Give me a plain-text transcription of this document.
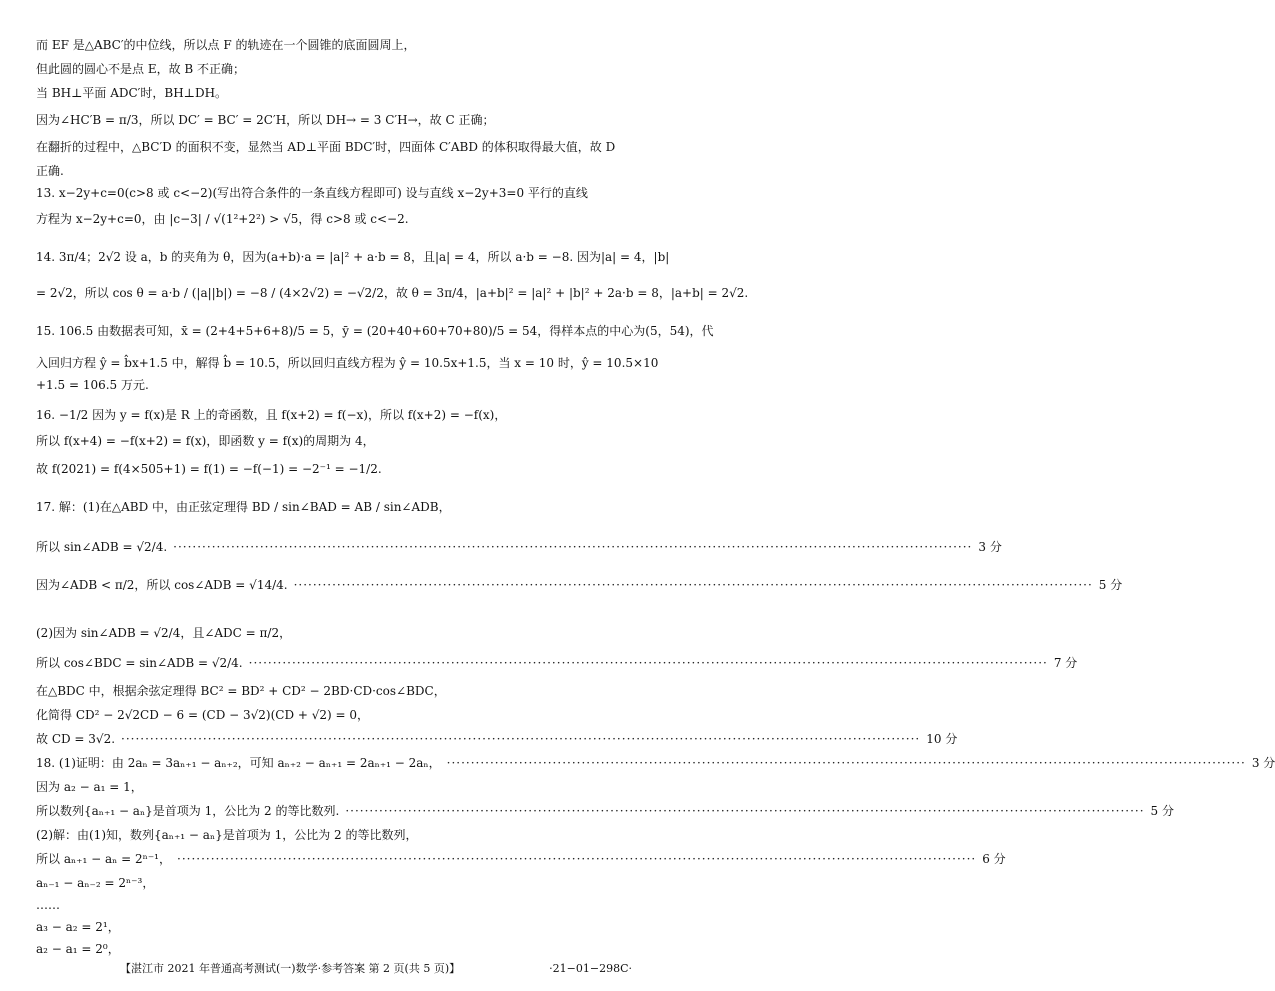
而 EF 是△ABC′的中位线，所以点 F 的轨迹在一个圆锥的底面圆周上，
但此圆的圆心不是点 E，故 B 不正确；
当 BH⊥平面 ADC′时，BH⊥DH。
因为∠HC′B = π/3，所以 DC′ = BC′ = 2C′H，所以 DH→ = 3 C′H→，故 C 正确；
在翻折的过程中，△BC′D 的面积不变，显然当 AD⊥平面 BDC′时，四面体 C′ABD 的体积取得最大值，故 D
正确.
13. x−2y+c=0(c>8 或 c<−2)(写出符合条件的一条直线方程即可) 设与直线 x−2y+3=0 平行的直线
方程为 x−2y+c=0，由 |c−3| / √(1²+2²) > √5，得 c>8 或 c<−2.
14. 3π/4；2√2 设 a，b 的夹角为 θ，因为(a+b)·a = |a|² + a·b = 8，且|a| = 4，所以 a·b = −8. 因为|a| = 4，|b|
= 2√2，所以 cos θ = a·b / (|a||b|) = −8 / (4×2√2) = −√2/2，故 θ = 3π/4，|a+b|² = |a|² + |b|² + 2a·b = 8，|a+b| = 2√2.
15. 106.5 由数据表可知，x̄ = (2+4+5+6+8)/5 = 5，ȳ = (20+40+60+70+80)/5 = 54，得样本点的中心为(5，54)，代
入回归方程 ŷ = b̂x+1.5 中，解得 b̂ = 10.5，所以回归直线方程为 ŷ = 10.5x+1.5，当 x = 10 时，ŷ = 10.5×10
+1.5 = 106.5 万元.
16. −1/2 因为 y = f(x)是 R 上的奇函数，且 f(x+2) = f(−x)，所以 f(x+2) = −f(x)，
所以 f(x+4) = −f(x+2) = f(x)，即函数 y = f(x)的周期为 4，
故 f(2021) = f(4×505+1) = f(1) = −f(−1) = −2⁻¹ = −1/2.
17. 解：(1)在△ABD 中，由正弦定理得 BD / sin∠BAD = AB / sin∠ADB，
(2)因为 sin∠ADB = √2/4，且∠ADC = π/2，
在△BDC 中，根据余弦定理得 BC² = BD² + CD² − 2BD·CD·cos∠BDC，
化简得 CD² − 2√2CD − 6 = (CD − 3√2)(CD + √2) = 0，
因为 a₂ − a₁ = 1，
aₙ₋₁ − aₙ₋₂ = 2ⁿ⁻³，
……
a₃ − a₂ = 2¹，
a₂ − a₁ = 2⁰，
所以 sin∠ADB = √2/4. ·····	3 分
因为∠ADB < π/2，所以 cos∠ADB = √14/4. ·····	5 分
所以 cos∠BDC = sin∠ADB = √2/4. ·····	7 分
故 CD = 3√2. ·····	10 分
18. (1)证明：由 2aₙ = 3aₙ₊₁ − aₙ₊₂，可知 aₙ₊₂ − aₙ₊₁ = 2aₙ₊₁ − 2aₙ， ·····	3 分
所以数列{aₙ₊₁ − aₙ}是首项为 1，公比为 2 的等比数列. ·····	5 分
(2)解：由(1)知，数列{aₙ₊₁ − aₙ}是首项为 1，公比为 2 的等比数列，
所以 aₙ₊₁ − aₙ = 2ⁿ⁻¹， ·····	6 分
【湛江市 2021 年普通高考测试(一)数学·参考答案 第 2 页(共 5 页)】	·21−01−298C·
